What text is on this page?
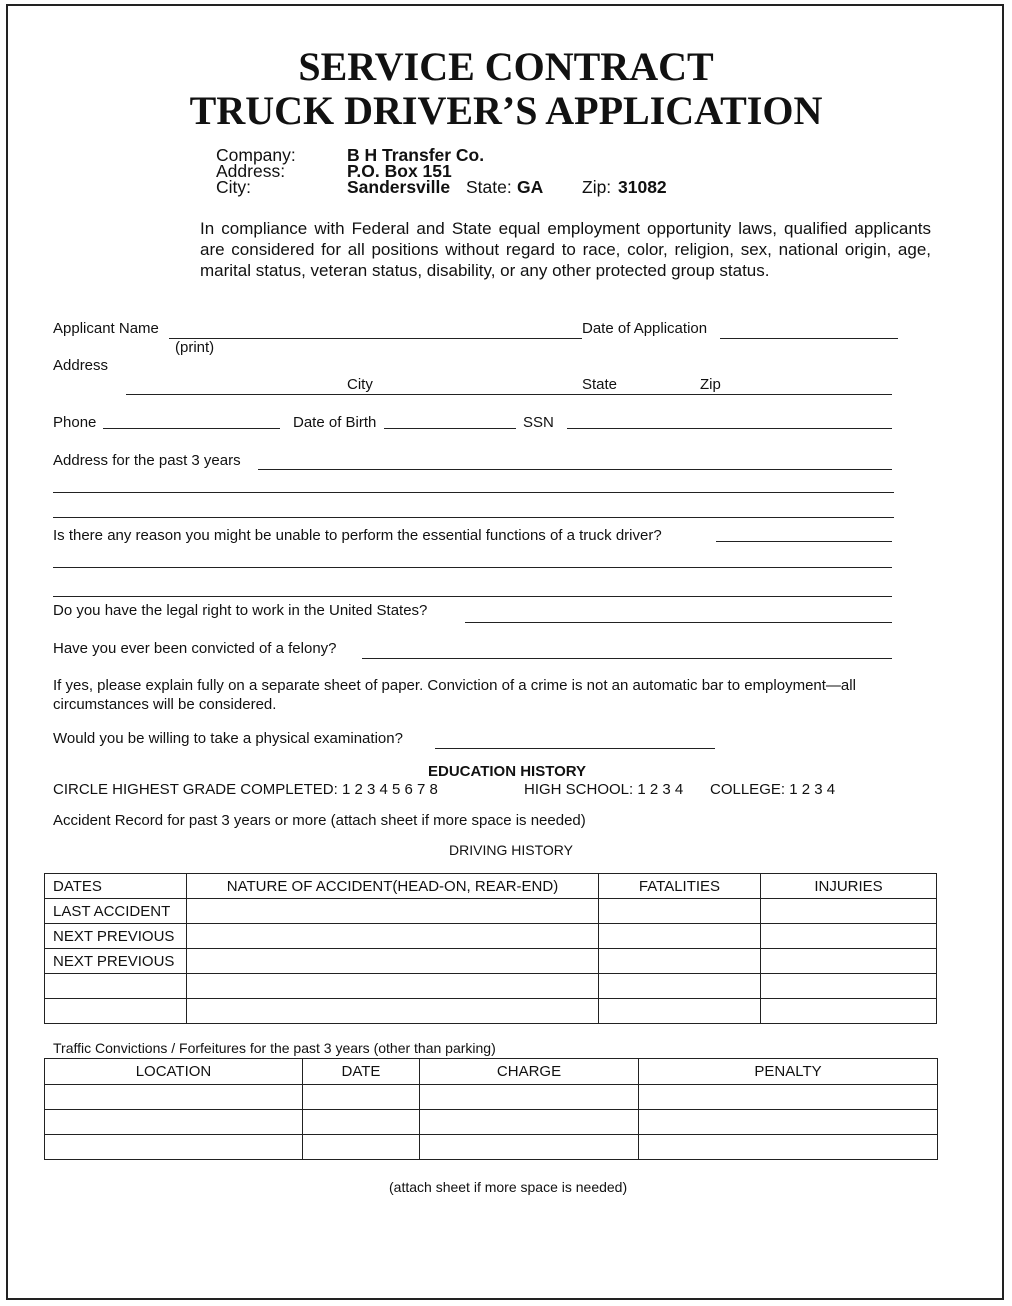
SERVICE CONTRACT
TRUCK DRIVER’S APPLICATION
Company:	B H Transfer Co.
Address:	P.O. Box 151
City:	Sandersville State: GA Zip: 31082
In compliance with Federal and State equal employment opportunity laws, qualified applicants are considered for all positions without regard to race, color, religion, sex, national origin, age, marital status, veteran status, disability, or any other protected group status.
Applicant Name	Date of Application
(print)
Address
City	State	Zip
Phone	Date of Birth	SSN
Address for the past 3 years
Is there any reason you might be unable to perform the essential functions of a truck driver?
Do you have the legal right to work in the United States?
Have you ever been convicted of a felony?
If yes, please explain fully on a separate sheet of paper. Conviction of a crime is not an automatic bar to employment—all
circumstances will be considered.
Would you be willing to take a physical examination?
EDUCATION HISTORY
CIRCLE HIGHEST GRADE COMPLETED: 1 2 3 4 5 6 7 8	HIGH SCHOOL: 1 2 3 4 COLLEGE: 1 2 3 4
Accident Record for past 3 years or more (attach sheet if more space is needed)
DRIVING HISTORY
DATES	NATURE OF ACCIDENT(HEAD-ON, REAR-END)	FATALITIES	INJURIES
LAST ACCIDENT			
NEXT PREVIOUS			
NEXT PREVIOUS			

Traffic Convictions / Forfeitures for the past 3 years (other than parking)
LOCATION	DATE	CHARGE	PENALTY

(attach sheet if more space is needed)
